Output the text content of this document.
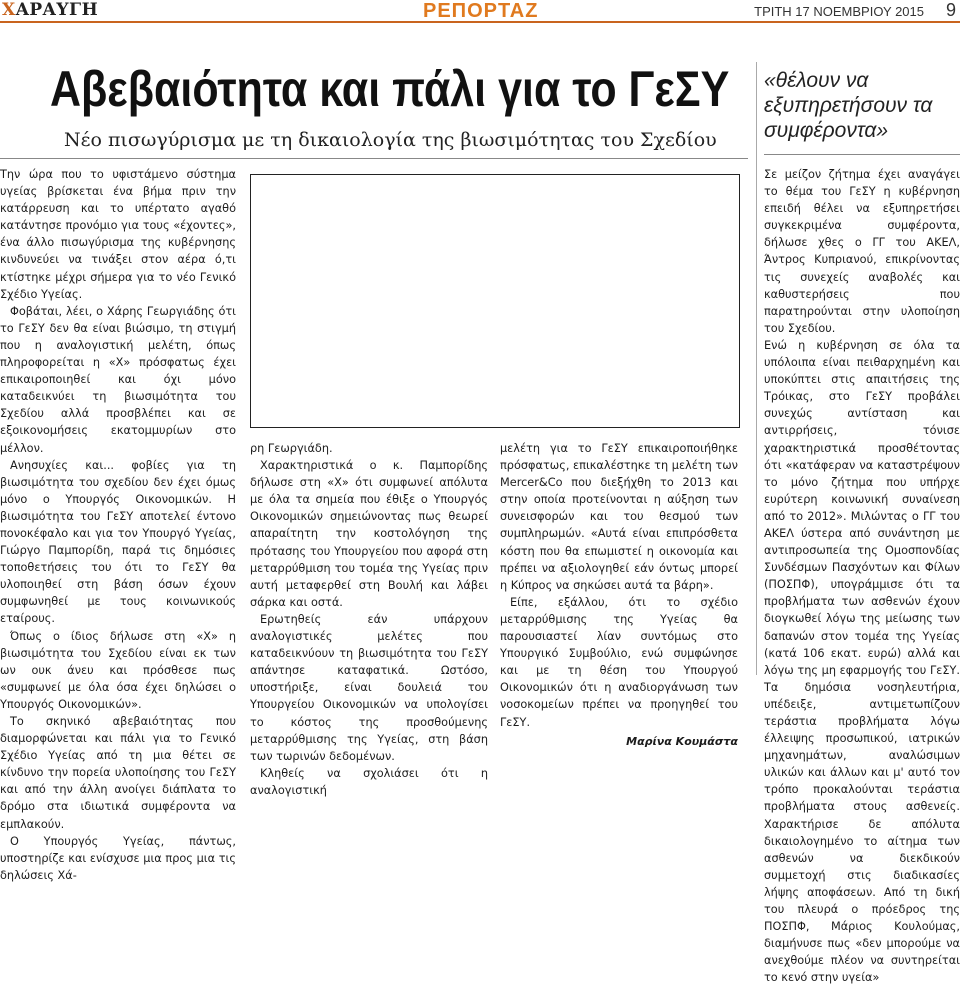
ΧΑΡΑΥΓΗ	ΡΕΠΟΡΤΑΖ	ΤΡΙΤΗ 17 ΝΟΕΜΒΡΙΟΥ 2015 9
Αβεβαιότητα και πάλι για το ΓεΣΥ
Νέο πισωγύρισμα με τη δικαιολογία της βιωσιμότητας του Σχεδίου
«θέλουν να εξυπηρετήσουν τα συμφέροντα»

Την ώρα που το υφιστάμενο σύστημα υγείας βρίσκεται ένα βήμα πριν την κατάρρευση και το υπέρτατο αγαθό κατάντησε προνόμιο για τους «έχοντες», ένα άλλο πισωγύρισμα της κυβέρνησης κινδυνεύει να τινάξει στον αέρα ό,τι κτίστηκε μέχρι σήμερα για το νέο Γενικό Σχέδιο Υγείας.

Φοβάται, λέει, ο Χάρης Γεωργιάδης ότι το ΓεΣΥ δεν θα είναι βιώσιμο, τη στιγμή που η αναλογιστική μελέτη, όπως πληροφορείται η «Χ» πρόσφατως έχει επικαιροποιηθεί και όχι μόνο καταδεικνύει τη βιωσιμότητα του Σχεδίου αλλά προσβλέπει και σε εξοικονομήσεις εκατομμυρίων στο μέλλον.

Ανησυχίες και... φοβίες για τη βιωσιμότητα του σχεδίου δεν έχει όμως μόνο ο Υπουργός Οικονομικών. Η βιωσιμότητα του ΓεΣΥ αποτελεί έντονο πονοκέφαλο και για τον Υπουργό Υγείας, Γιώργο Παμπορίδη, παρά τις δημόσιες τοποθετήσεις του ότι το ΓεΣΥ θα υλοποιηθεί στη βάση όσων έχουν συμφωνηθεί με τους κοινωνικούς εταίρους.

Όπως ο ίδιος δήλωσε στη «Χ» η βιωσιμότητα του Σχεδίου είναι εκ των ων ουκ άνευ και πρόσθεσε πως «συμφωνεί με όλα όσα έχει δηλώσει ο Υπουργός Οικονομικών».

Το σκηνικό αβεβαιότητας που διαμορφώνεται και πάλι για το Γενικό Σχέδιο Υγείας από τη μια θέτει σε κίνδυνο την πορεία υλοποίησης του ΓεΣΥ και από την άλλη ανοίγει διάπλατα το δρόμο στα ιδιωτικά συμφέροντα να εμπλακούν.

Ο Υπουργός Υγείας, πάντως, υποστηρίζε και ενίσχυσε μια προς μια τις δηλώσεις Χά-

ρη Γεωργιάδη.

Χαρακτηριστικά ο κ. Παμπορίδης δήλωσε στη «Χ» ότι συμφωνεί απόλυτα με όλα τα σημεία που έθιξε ο Υπουργός Οικονομικών σημειώνοντας πως θεωρεί απαραίτητη την κοστολόγηση της πρότασης του Υπουργείου που αφορά στη μεταρρύθμιση του τομέα της Υγείας πριν αυτή μεταφερθεί στη Βουλή και λάβει σάρκα και οστά.

Ερωτηθείς εάν υπάρχουν αναλογιστικές μελέτες που καταδεικνύουν τη βιωσιμότητα του ΓεΣΥ απάντησε καταφατικά. Ωστόσο, υποστήριξε, είναι δουλειά του Υπουργείου Οικονομικών να υπολογίσει το κόστος της προσθούμενης μεταρρύθμισης της Υγείας, στη βάση των τωρινών δεδομένων.

Κληθείς να σχολιάσει ότι η αναλογιστική

μελέτη για το ΓεΣΥ επικαιροποιήθηκε πρόσφατως, επικαλέστηκε τη μελέτη των Mercer&Co που διεξήχθη το 2013 και στην οποία προτείνονται η αύξηση των συνεισφορών και του θεσμού των συμπληρωμών. «Αυτά είναι επιπρόσθετα κόστη που θα επωμιστεί η οικονομία και πρέπει να αξιολογηθεί εάν όντως μπορεί η Κύπρος να σηκώσει αυτά τα βάρη».

Είπε, εξάλλου, ότι το σχέδιο μεταρρύθμισης της Υγείας θα παρουσιαστεί λίαν συντόμως στο Υπουργικό Συμβούλιο, ενώ συμφώνησε και με τη θέση του Υπουργού Οικονομικών ότι η αναδιοργάνωση των νοσοκομείων πρέπει να προηγηθεί του ΓεΣΥ.

Μαρίνα Κουμάστα

Σε μείζον ζήτημα έχει αναγάγει το θέμα του ΓεΣΥ η κυβέρνηση επειδή θέλει να εξυπηρετήσει συγκεκριμένα συμφέροντα, δήλωσε χθες ο ΓΓ του ΑΚΕΛ, Άντρος Κυπριανού, επικρίνοντας τις συνεχείς αναβολές και καθυστερήσεις που παρατηρούνται στην υλοποίηση του Σχεδίου.

Ενώ η κυβέρνηση σε όλα τα υπόλοιπα είναι πειθαρχημένη και υποκύπτει στις απαιτήσεις της Τρόικας, στο ΓεΣΥ προβάλει συνεχώς αντίσταση και αντιρρήσεις, τόνισε χαρακτηριστικά προσθέτοντας ότι «κατάφεραν να καταστρέψουν το μόνο ζήτημα που υπήρχε ευρύτερη κοινωνική συναίνεση από το 2012». Μιλώντας ο ΓΓ του ΑΚΕΛ ύστερα από συνάντηση με αντιπροσωπεία της Ομοσπονδίας Συνδέσμων Πασχόντων και Φίλων (ΠΟΣΠΦ), υπογράμμισε ότι τα προβλήματα των ασθενών έχουν διογκωθεί λόγω της μείωσης των δαπανών στον τομέα της Υγείας (κατά 106 εκατ. ευρώ) αλλά και λόγω της μη εφαρμογής του ΓεΣΥ. Τα δημόσια νοσηλευτήρια, υπέδειξε, αντιμετωπίζουν τεράστια προβλήματα λόγω έλλειψης προσωπικού, ιατρικών μηχανημάτων, αναλώσιμων υλικών και άλλων και μ' αυτό τον τρόπο προκαλούνται τεράστια προβλήματα στους ασθενείς. Χαρακτήρισε δε απόλυτα δικαιολογημένο το αίτημα των ασθενών να διεκδικούν συμμετοχή στις διαδικασίες λήψης αποφάσεων. Από τη δική του πλευρά ο πρόεδρος της ΠΟΣΠΦ, Μάριος Κουλούμας, διαμήνυσε πως «δεν μπορούμε να ανεχθούμε πλέον να συντηρείται το κενό στην υγεία»
